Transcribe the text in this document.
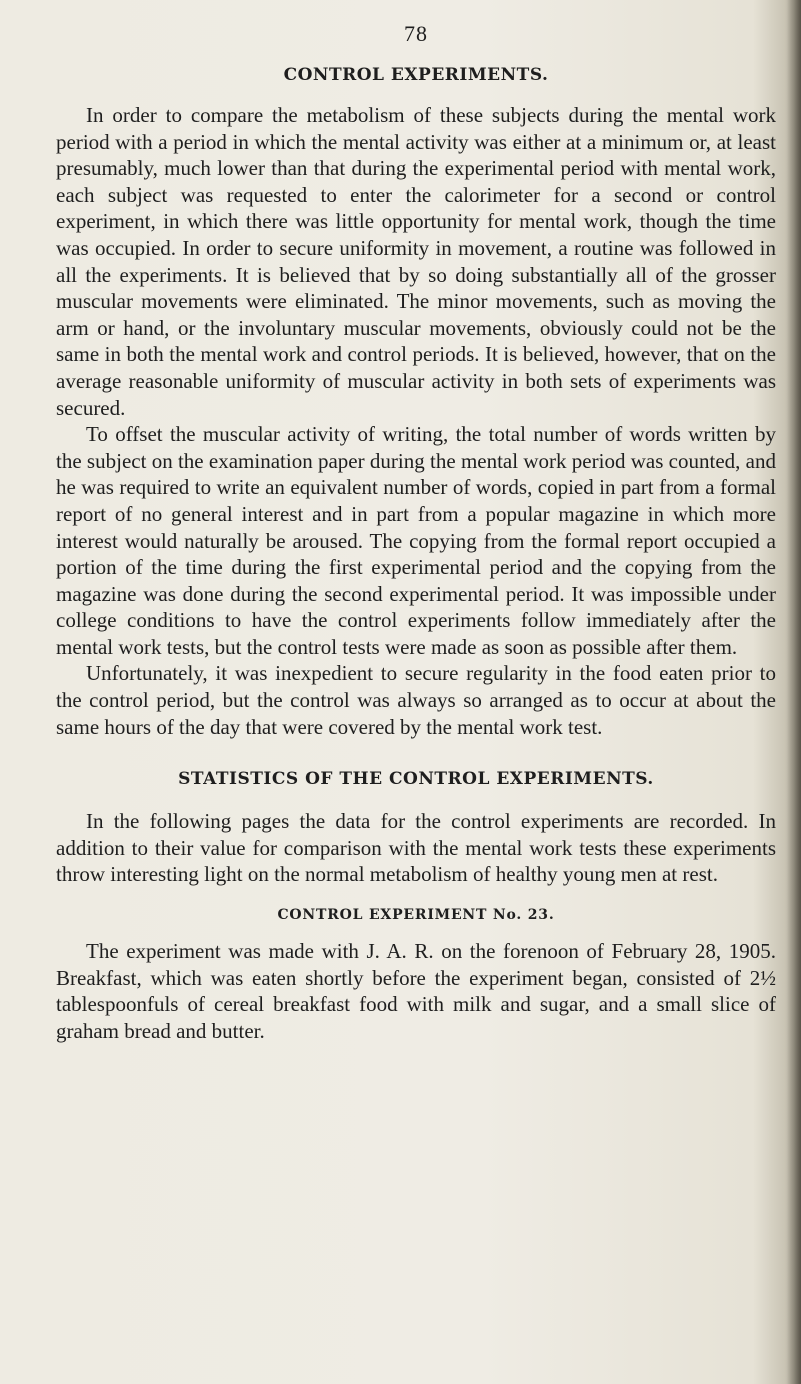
78
CONTROL EXPERIMENTS.

In order to compare the metabolism of these subjects during the mental work period with a period in which the mental activity was either at a minimum or, at least presumably, much lower than that during the experimental period with mental work, each subject was requested to enter the calorimeter for a second or control experiment, in which there was little opportunity for mental work, though the time was occupied. In order to secure uniformity in movement, a routine was followed in all the experiments. It is believed that by so doing substantially all of the grosser muscular movements were eliminated. The minor movements, such as moving the arm or hand, or the involuntary muscular movements, obviously could not be the same in both the mental work and control periods. It is believed, however, that on the average reasonable uniformity of muscular activity in both sets of experiments was secured.

To offset the muscular activity of writing, the total number of words written by the subject on the examination paper during the mental work period was counted, and he was required to write an equivalent number of words, copied in part from a formal report of no general interest and in part from a popular magazine in which more interest would naturally be aroused. The copying from the formal report occupied a portion of the time during the first experimental period and the copying from the magazine was done during the second experimental period. It was impossible under college conditions to have the control experiments follow immediately after the mental work tests, but the control tests were made as soon as possible after them.

Unfortunately, it was inexpedient to secure regularity in the food eaten prior to the control period, but the control was always so arranged as to occur at about the same hours of the day that were covered by the mental work test.

STATISTICS OF THE CONTROL EXPERIMENTS.

In the following pages the data for the control experiments are recorded. In addition to their value for comparison with the mental work tests these experiments throw interesting light on the normal metabolism of healthy young men at rest.

CONTROL EXPERIMENT No. 23.

The experiment was made with J. A. R. on the forenoon of February 28, 1905. Breakfast, which was eaten shortly before the experiment began, consisted of 2½ tablespoonfuls of cereal breakfast food with milk and sugar, and a small slice of graham bread and butter.
